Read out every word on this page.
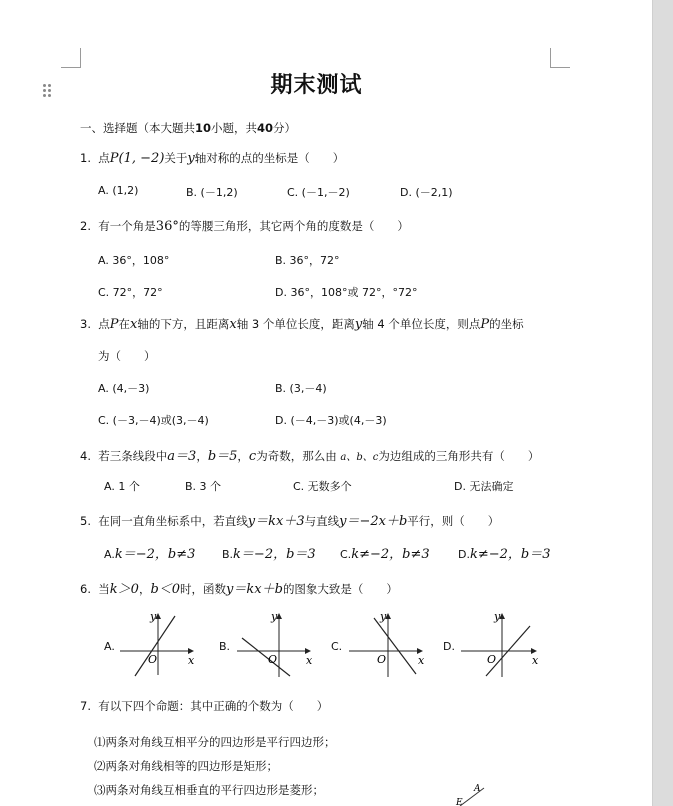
期末测试
一、选择题（本大题共10小题，共40分）
1. 点P(1, −2)关于y轴对称的点的坐标是（　　）
A. (1,2)	B. (－1,2)	C. (－1,－2)	D. (－2,1)
2. 有一个角是36°的等腰三角形，其它两个角的度数是（　　）
A. 36°，108°	B. 36°，72°
C. 72°，72°	D. 36°，108°或 72°，°72°
3. 点P在x轴的下方，且距离x轴 3 个单位长度，距离y轴 4 个单位长度，则点P的坐标
为（　　）
A. (4,－3)	B. (3,－4)
C. (－3,－4)或(3,－4)	D. (－4,－3)或(4,－3)
4. 若三条线段中a＝3，b＝5，c为奇数，那么由 a、b、c为边组成的三角形共有（　　）
A. 1 个	B. 3 个	C. 无数多个	D. 无法确定
5. 在同一直角坐标系中，若直线y＝kx＋3与直线y＝−2x＋b平行，则（　　）
A.k＝−2，b≠3 B.k＝−2，b＝3 C.k≠−2，b≠3	D.k≠−2，b＝3
6. 当k＞0，b＜0时，函数y＝kx＋b的图象大致是（　　）
A.	B.	C.	D.
y
x
O
y
x
O
y
x
O
y
x
O
7. 有以下四个命题：其中正确的个数为（　　）
⑴两条对角线互相平分的四边形是平行四边形；
⑵两条对角线相等的四边形是矩形；
⑶两条对角线互相垂直的平行四边形是菱形；	A
E
